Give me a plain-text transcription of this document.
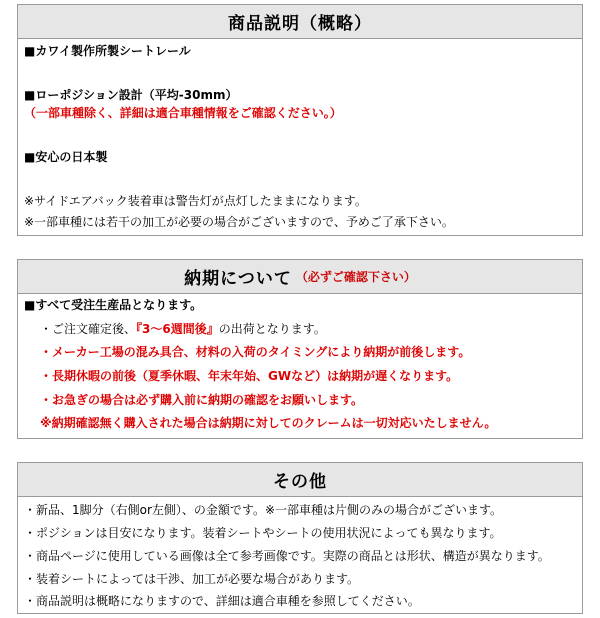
商品説明（概略）
■カワイ製作所製シートレール
■ローポジション設計（平均-30mm）
（一部車種除く、詳細は適合車種情報をご確認ください。）
■安心の日本製
※サイドエアバック装着車は警告灯が点灯したままになります。
※一部車種には若干の加工が必要の場合がございますので、予めご了承下さい。
納期について （必ずご確認下さい）
■すべて受注生産品となります。
・ご注文確定後、『3～6週間後』の出荷となります。
・メーカー工場の混み具合、材料の入荷のタイミングにより納期が前後します。
・長期休暇の前後（夏季休暇、年末年始、GWなど）は納期が遅くなります。
・お急ぎの場合は必ず購入前に納期の確認をお願いします。
※納期確認無く購入された場合は納期に対してのクレームは一切対応いたしません。
その他
・新品、1脚分（右側or左側）、の金額です。※一部車種は片側のみの場合がございます。
・ポジションは目安になります。装着シートやシートの使用状況によっても異なります。
・商品ページに使用している画像は全て参考画像です。実際の商品とは形状、構造が異なります。
・装着シートによっては干渉、加工が必要な場合があります。
・商品説明は概略になりますので、詳細は適合車種を参照してください。
